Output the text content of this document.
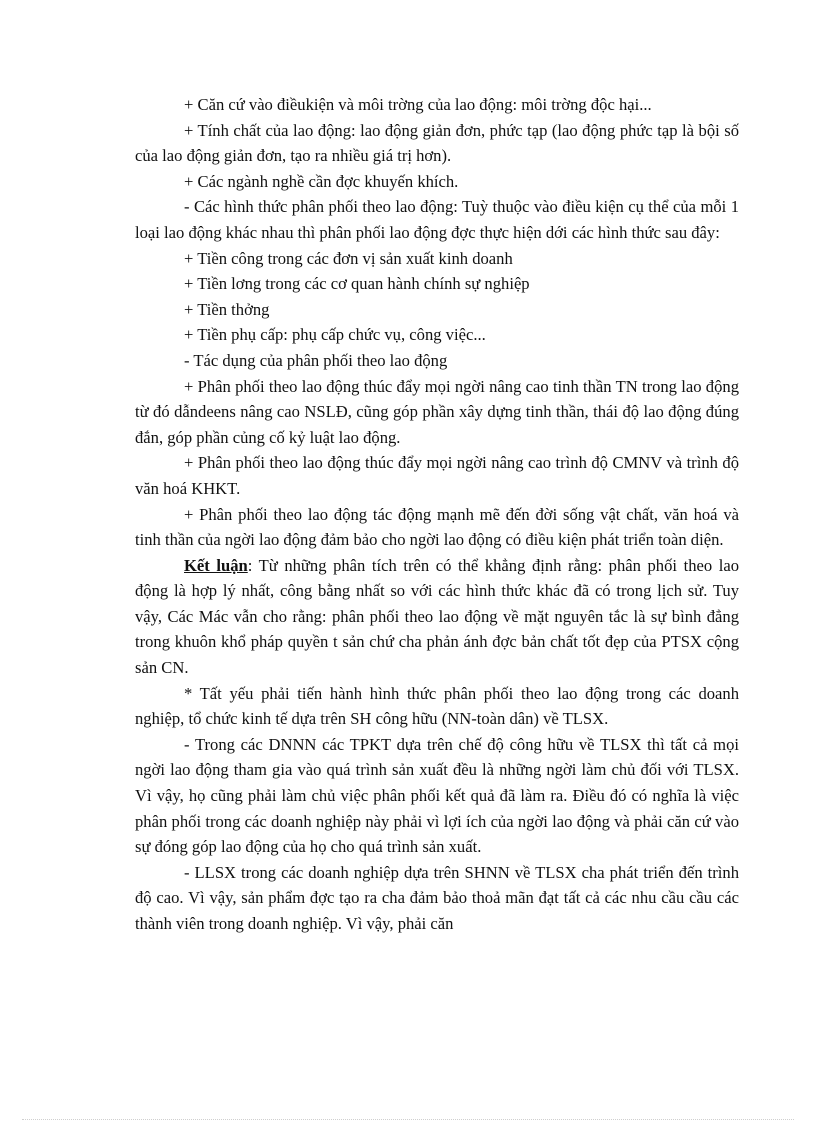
+ Căn cứ vào điềukiện và môi trờng của lao động: môi trờng độc hại...

+ Tính chất của lao động: lao động giản đơn, phức tạp (lao động phức tạp là bội số của lao động giản đơn, tạo ra nhiều giá trị hơn).

+ Các ngành nghề cần đợc khuyến khích.

- Các hình thức phân phối theo lao động: Tuỳ thuộc vào điều kiện cụ thể của mỗi 1 loại lao động khác nhau thì phân phối lao động đợc thực hiện dới các hình thức sau đây:

+ Tiền công trong các đơn vị sản xuất kinh doanh

+ Tiền lơng trong các cơ quan hành chính sự nghiệp

+ Tiền thởng

+ Tiền phụ cấp: phụ cấp chức vụ, công việc...

- Tác dụng của phân phối theo lao động

+ Phân phối theo lao động thúc đẩy mọi ngời nâng cao tinh thần TN trong lao động từ đó dẫndeens nâng cao NSLĐ, cũng góp phần xây dựng tinh thần, thái độ lao động đúng đắn, góp phần củng cố kỷ luật lao động.

+ Phân phối theo lao động thúc đẩy mọi ngời nâng cao trình độ CMNV và trình độ văn hoá KHKT.

+ Phân phối theo lao động tác động mạnh mẽ đến đời sống vật chất, văn hoá và tinh thần của ngời lao động đảm bảo cho ngời lao động có điều kiện phát triển toàn diện.

Kết luận: Từ những phân tích trên có thể khẳng định rằng: phân phối theo lao động là hợp lý nhất, công bằng nhất so với các hình thức khác đã có trong lịch sử. Tuy vậy, Các Mác vẫn cho rằng: phân phối theo lao động về mặt nguyên tắc là sự bình đẳng trong khuôn khổ pháp quyền t sản chứ cha phản ánh đợc bản chất tốt đẹp của PTSX cộng sản CN.

* Tất yếu phải tiến hành hình thức phân phối theo lao động trong các doanh nghiệp, tổ chức kinh tế dựa trên SH công hữu (NN-toàn dân) về TLSX.

- Trong các DNNN các TPKT dựa trên chế độ công hữu về TLSX thì tất cả mọi ngời lao động tham gia vào quá trình sản xuất đều là những ngời làm chủ đối với TLSX. Vì vậy, họ cũng phải làm chủ việc phân phối kết quả đã làm ra. Điều đó có nghĩa là việc phân phối trong các doanh nghiệp này phải vì lợi ích của ngời lao động và phải căn cứ vào sự đóng góp lao động của họ cho quá trình sản xuất.

- LLSX trong các doanh nghiệp dựa trên SHNN về TLSX cha phát triển đến trình độ cao. Vì vậy, sản phẩm đợc tạo ra cha đảm bảo thoả mãn đạt tất cả các nhu cầu cầu các thành viên trong doanh nghiệp. Vì vậy, phải căn
